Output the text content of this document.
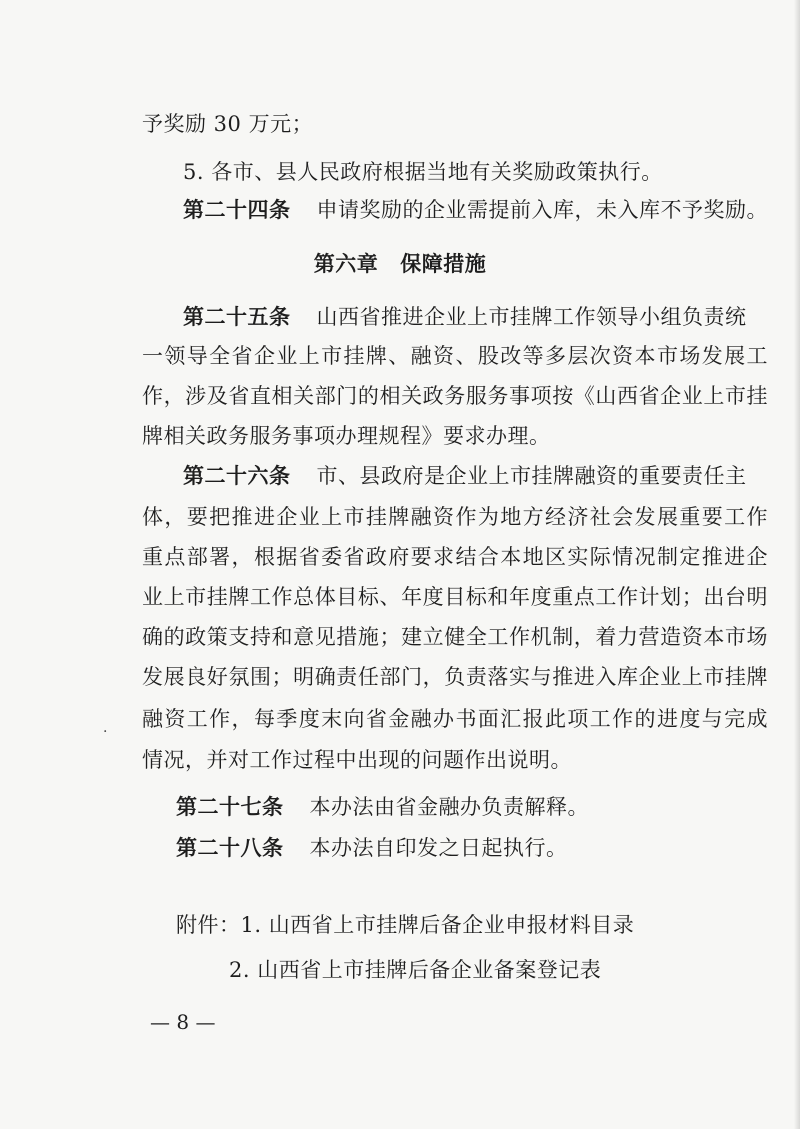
予奖励 30 万元；
5. 各市、县人民政府根据当地有关奖励政策执行。
第二十四条 申请奖励的企业需提前入库，未入库不予奖励。
第六章 保障措施
第二十五条 山西省推进企业上市挂牌工作领导小组负责统
一领导全省企业上市挂牌、融资、股改等多层次资本市场发展工
作，涉及省直相关部门的相关政务服务事项按《山西省企业上市挂
牌相关政务服务事项办理规程》要求办理。
第二十六条 市、县政府是企业上市挂牌融资的重要责任主
体，要把推进企业上市挂牌融资作为地方经济社会发展重要工作
重点部署，根据省委省政府要求结合本地区实际情况制定推进企
业上市挂牌工作总体目标、年度目标和年度重点工作计划；出台明
确的政策支持和意见措施；建立健全工作机制，着力营造资本市场
发展良好氛围；明确责任部门，负责落实与推进入库企业上市挂牌
融资工作，每季度末向省金融办书面汇报此项工作的进度与完成
情况，并对工作过程中出现的问题作出说明。
第二十七条 本办法由省金融办负责解释。
第二十八条 本办法自印发之日起执行。
附件：1. 山西省上市挂牌后备企业申报材料目录
2. 山西省上市挂牌后备企业备案登记表
— 8 —
·
